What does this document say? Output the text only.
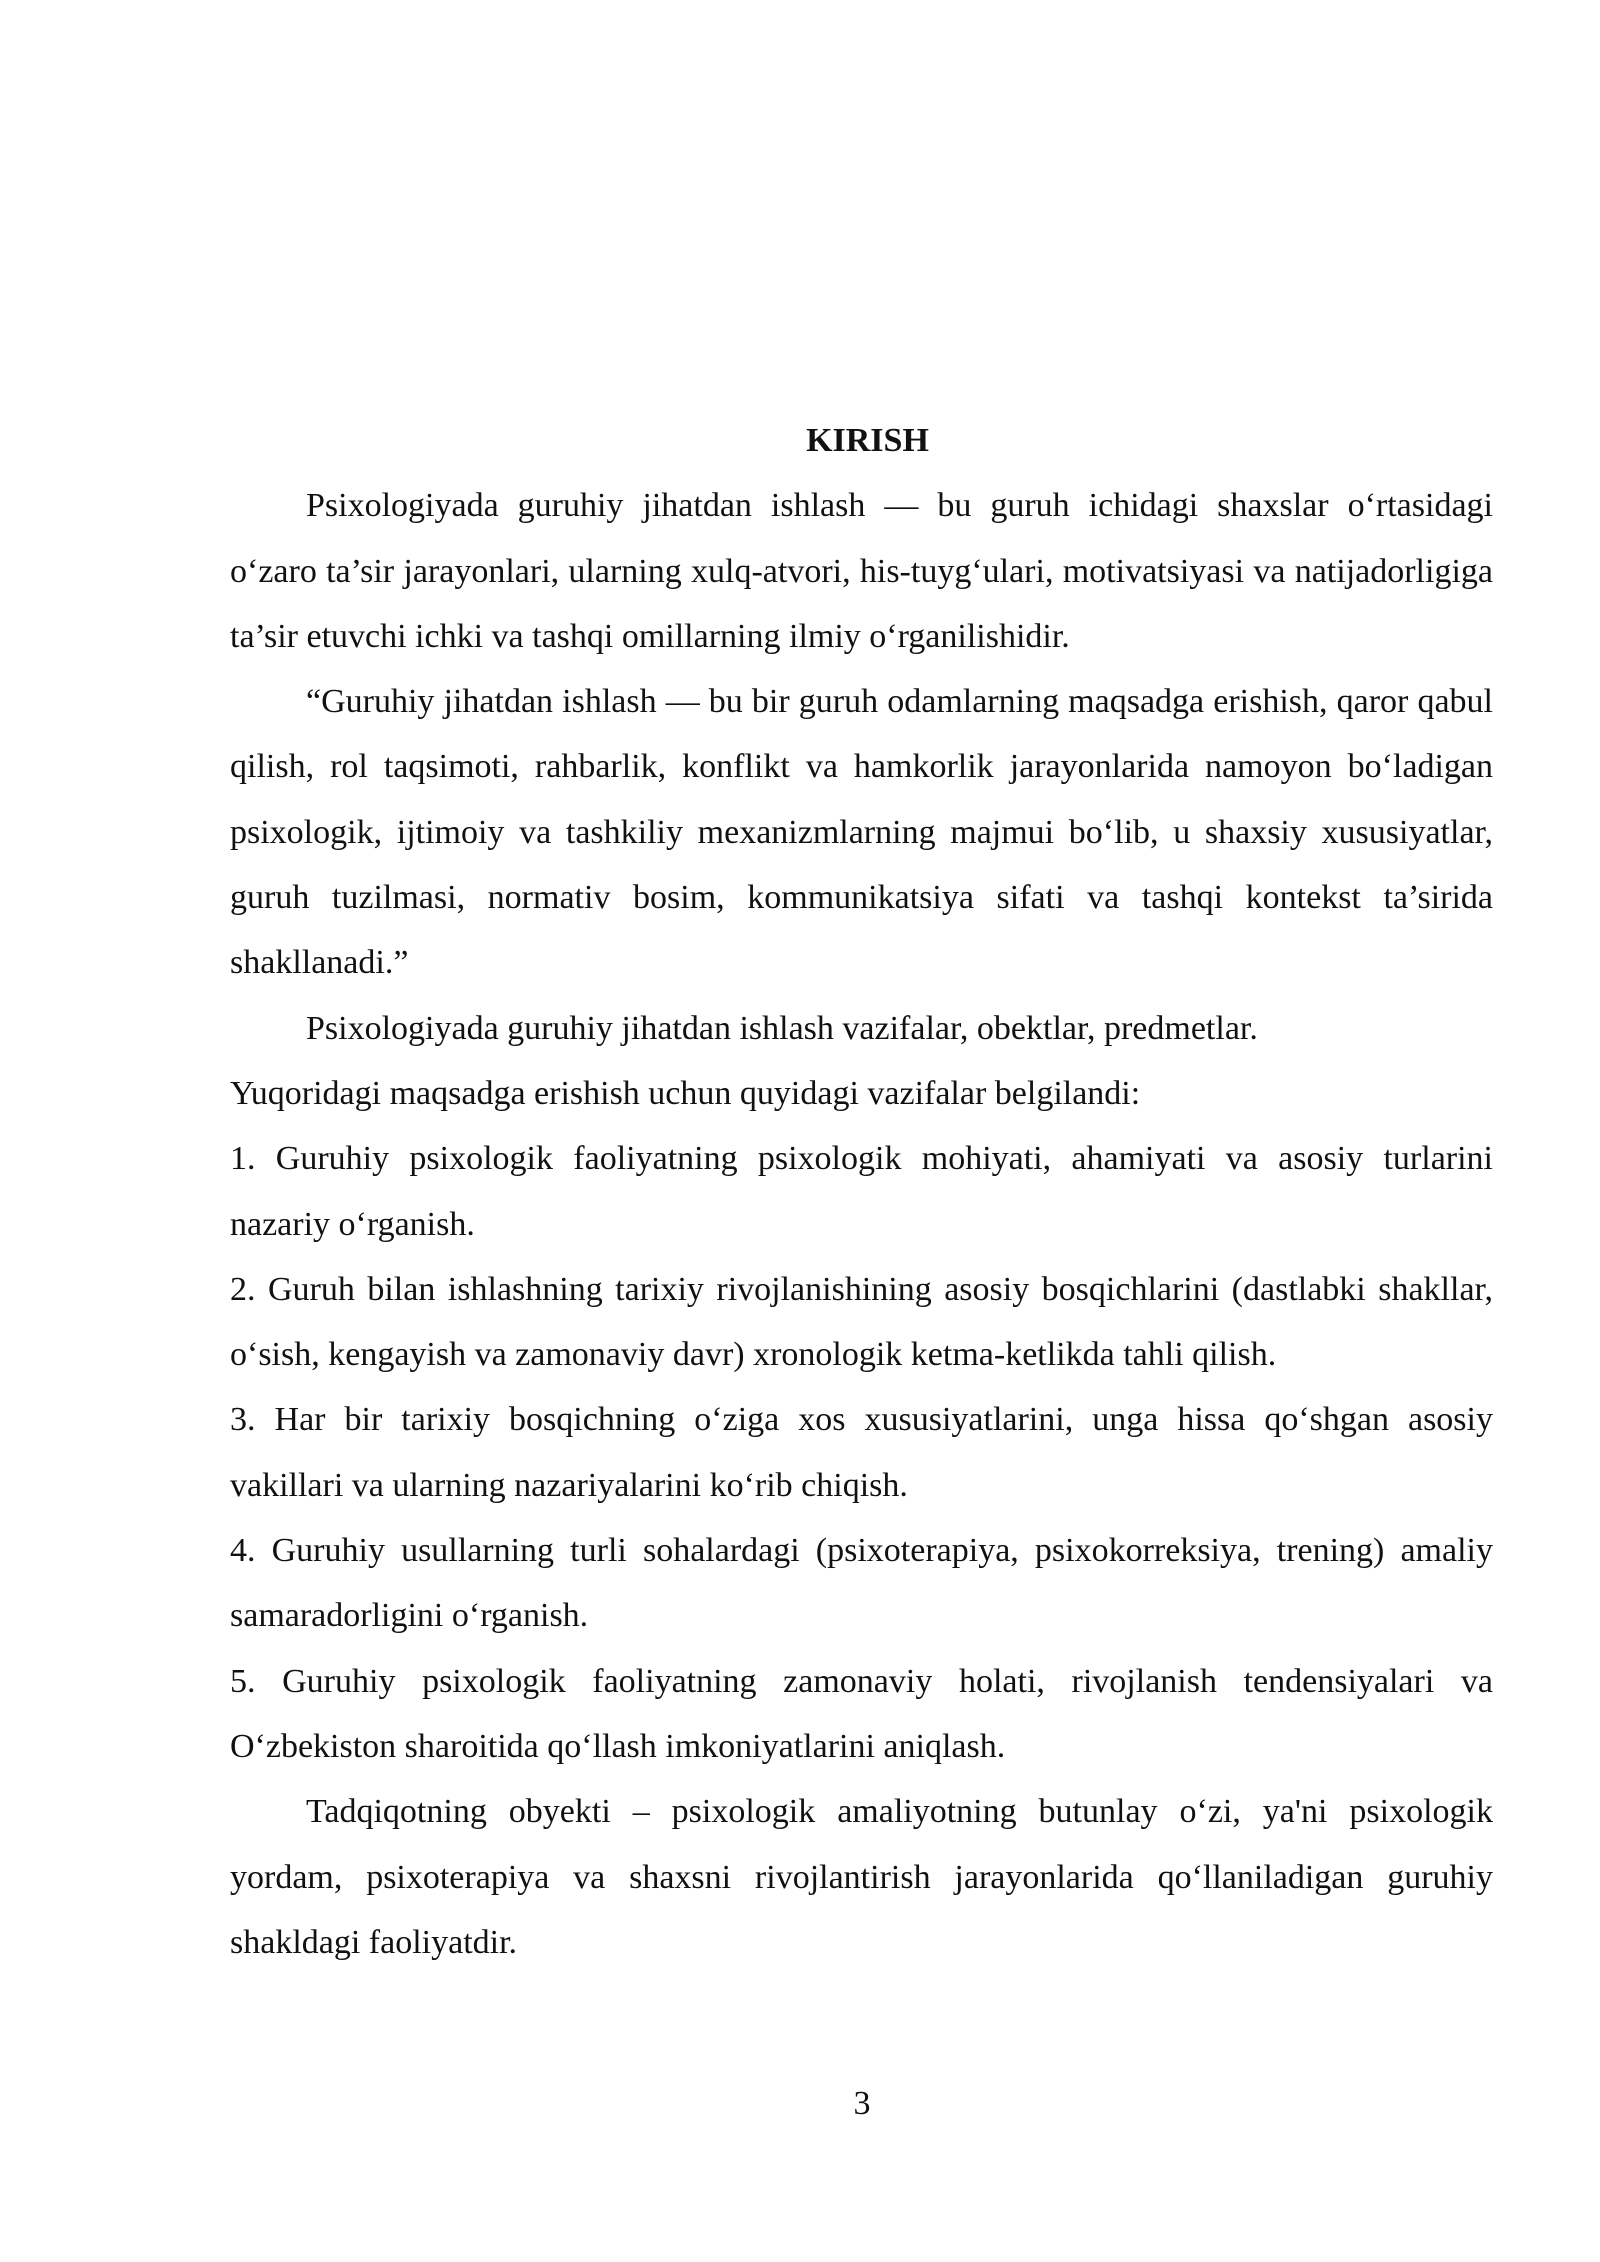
KIRISH

Psixologiyada guruhiy jihatdan ishlash — bu guruh ichidagi shaxslar o‘rtasidagi o‘zaro ta’sir jarayonlari, ularning xulq-atvori, his-tuyg‘ulari, motivatsiyasi va natijadorligiga ta’sir etuvchi ichki va tashqi omillarning ilmiy o‘rganilishidir.

“Guruhiy jihatdan ishlash — bu bir guruh odamlarning maqsadga erishish, qaror qabul qilish, rol taqsimoti, rahbarlik, konflikt va hamkorlik jarayonlarida namoyon bo‘ladigan psixologik, ijtimoiy va tashkiliy mexanizmlarning majmui bo‘lib, u shaxsiy xususiyatlar, guruh tuzilmasi, normativ bosim, kommunikatsiya sifati va tashqi kontekst ta’sirida shakllanadi.”

Psixologiyada guruhiy jihatdan ishlash vazifalar, obektlar, predmetlar.

Yuqoridagi maqsadga erishish uchun quyidagi vazifalar belgilandi:

1. Guruhiy psixologik faoliyatning psixologik mohiyati, ahamiyati va asosiy turlarini nazariy o‘rganish.

2. Guruh bilan ishlashning tarixiy rivojlanishining asosiy bosqichlarini (dastlabki shakllar, o‘sish, kengayish va zamonaviy davr) xronologik ketma-ketlikda tahli qilish.

3. Har bir tarixiy bosqichning o‘ziga xos xususiyatlarini, unga hissa qo‘shgan asosiy vakillari va ularning nazariyalarini ko‘rib chiqish.

4. Guruhiy usullarning turli sohalardagi (psixoterapiya, psixokorreksiya, trening) amaliy samaradorligini o‘rganish.

5. Guruhiy psixologik faoliyatning zamonaviy holati, rivojlanish tendensiyalari va O‘zbekiston sharoitida qo‘llash imkoniyatlarini aniqlash.

Tadqiqotning obyekti – psixologik amaliyotning butunlay o‘zi, ya'ni psixologik yordam, psixoterapiya va shaxsni rivojlantirish jarayonlarida qo‘llaniladigan guruhiy shakldagi faoliyatdir.

3
